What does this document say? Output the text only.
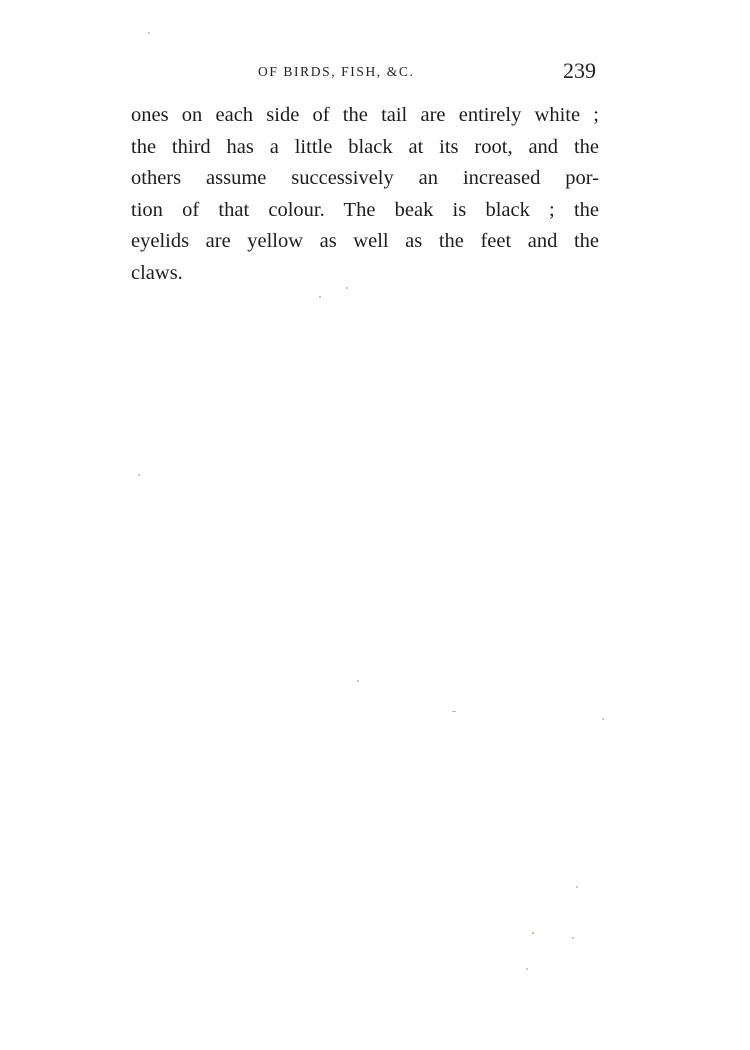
OF BIRDS, FISH, &C.	239
ones on each side of the tail are entirely white ;
the third has a little black at its root, and the
others assume successively an increased por-
tion of that colour. The beak is black ; the
eyelids are yellow as well as the feet and the
claws.
